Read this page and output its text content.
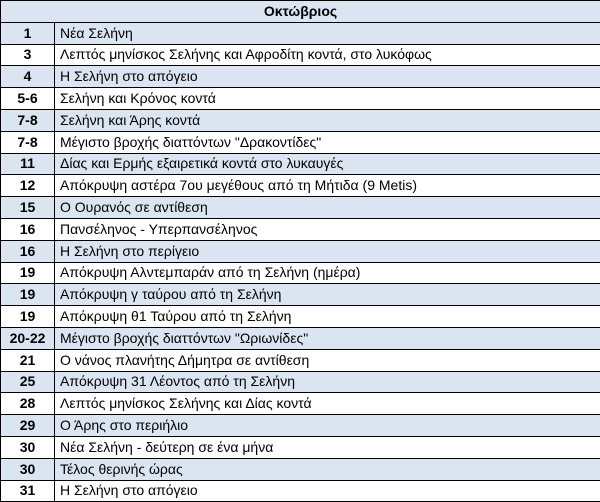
Οκτώβριος	
1	Νέα Σελήνη
3	Λεπτός μηνίσκος Σελήνης και Αφροδίτη κοντά, στο λυκόφως
4	Η Σελήνη στο απόγειο
5-6	Σελήνη και Κρόνος κοντά
7-8	Σελήνη και Άρης κοντά
7-8	Μέγιστο βροχής διαττόντων "Δρακοντίδες"
11	Δίας και Ερμής εξαιρετικά κοντά στο λυκαυγές
12	Απόκρυψη αστέρα 7ου μεγέθους από τη Μήτιδα (9 Metis)
15	Ο Ουρανός σε αντίθεση
16	Πανσέληνος - Υπερπανσέληνος
16	Η Σελήνη στο περίγειο
19	Απόκρυψη Αλντεμπαράν από τη Σελήνη (ημέρα)
19	Απόκρυψη γ ταύρου από τη Σελήνη
19	Απόκρυψη θ1 Ταύρου από τη Σελήνη
20-22	Μέγιστο βροχής διαττόντων "Ωριωνίδες"
21	Ο νάνος πλανήτης Δήμητρα σε αντίθεση
25	Απόκρυψη 31 Λέοντος από τη Σελήνη
28	Λεπτός μηνίσκος Σελήνης και Δίας κοντά
29	Ο Άρης στο περιήλιο
30	Νέα Σελήνη - δεύτερη σε ένα μήνα
30	Τέλος θερινής ώρας
31	Η Σελήνη στο απόγειο
